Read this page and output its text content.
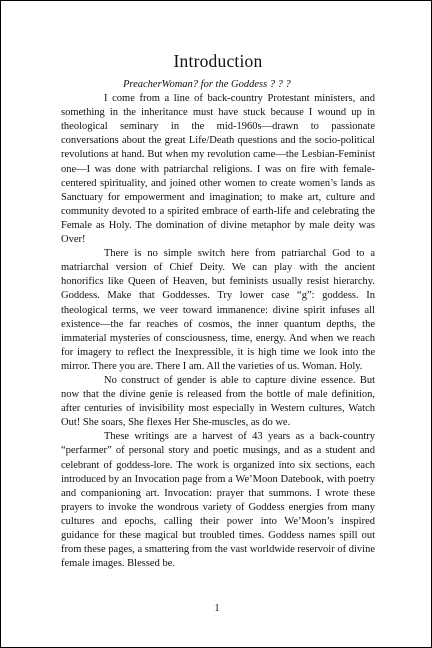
Introduction
PreacherWoman? for the Goddess ? ? ?

I come from a line of back-country Protestant ministers, and something in the inheritance must have stuck because I wound up in theological seminary in the mid-1960s—drawn to passionate conversations about the great Life/Death questions and the socio-political revolutions at hand. But when my revolution came—the Lesbian-Feminist one—I was done with patriarchal religions. I was on fire with female-centered spirituality, and joined other women to create women’s lands as Sanctuary for empowerment and imagination; to make art, culture and community devoted to a spirited embrace of earth-life and celebrating the Female as Holy. The domination of divine metaphor by male deity was Over!

There is no simple switch here from patriarchal God to a matriarchal version of Chief Deity. We can play with the ancient honorifics like Queen of Heaven, but feminists usually resist hierarchy. Goddess. Make that Goddesses. Try lower case “g”: goddess. In theological terms, we veer toward immanence: divine spirit infuses all existence—the far reaches of cosmos, the inner quantum depths, the immaterial mysteries of consciousness, time, energy. And when we reach for imagery to reflect the Inexpressible, it is high time we look into the mirror. There you are. There I am. All the varieties of us. Woman. Holy.

No construct of gender is able to capture divine essence. But now that the divine genie is released from the bottle of male definition, after centuries of invisibility most especially in Western cultures, Watch Out! She soars, She flexes Her She-muscles, as do we.

These writings are a harvest of 43 years as a back-country “perfarmer” of personal story and poetic musings, and as a student and celebrant of goddess-lore. The work is organized into six sections, each introduced by an Invocation page from a We’Moon Datebook, with poetry and companioning art. Invocation: prayer that summons. I wrote these prayers to invoke the wondrous variety of Goddess energies from many cultures and epochs, calling their power into We’Moon’s inspired guidance for these magical but troubled times. Goddess names spill out from these pages, a smattering from the vast worldwide reservoir of divine female images. Blessed be.

1
